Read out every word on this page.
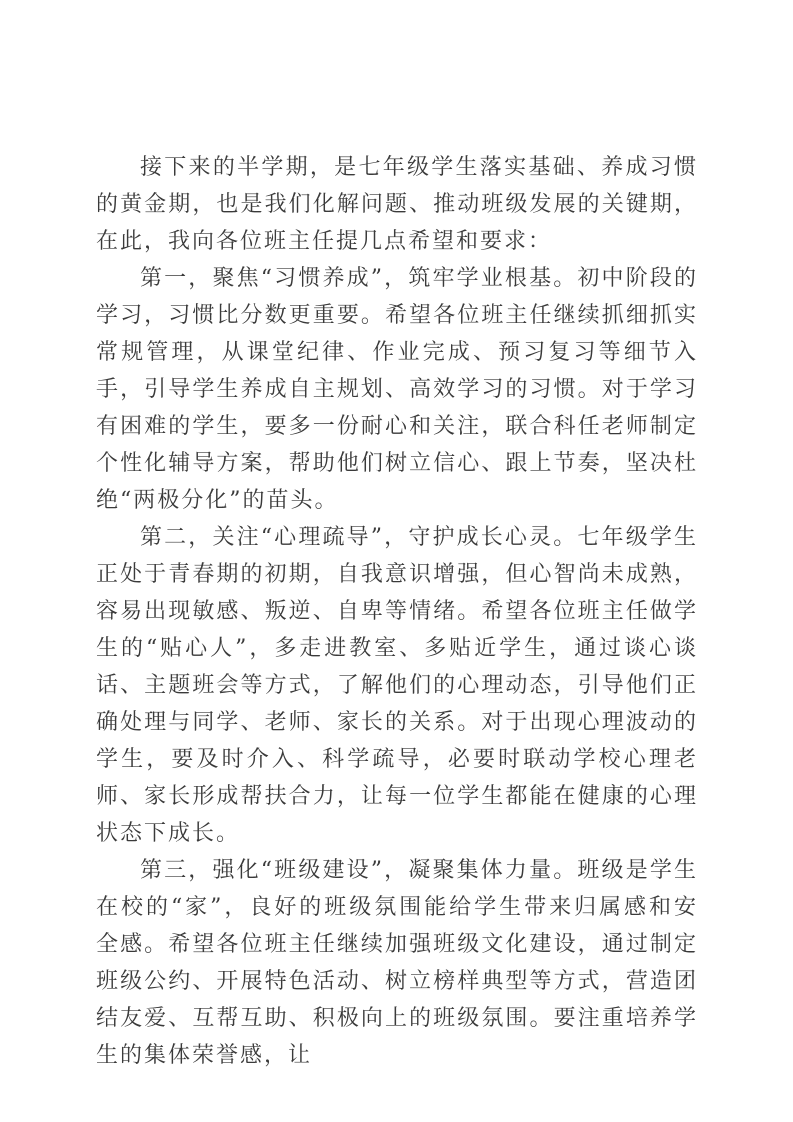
接下来的半学期，是七年级学生落实基础、养成习惯的黄金期，也是我们化解问题、推动班级发展的关键期，在此，我向各位班主任提几点希望和要求：

第一，聚焦“习惯养成”，筑牢学业根基。初中阶段的学习，习惯比分数更重要。希望各位班主任继续抓细抓实常规管理，从课堂纪律、作业完成、预习复习等细节入手，引导学生养成自主规划、高效学习的习惯。对于学习有困难的学生，要多一份耐心和关注，联合科任老师制定个性化辅导方案，帮助他们树立信心、跟上节奏，坚决杜绝“两极分化”的苗头。

第二，关注“心理疏导”，守护成长心灵。七年级学生正处于青春期的初期，自我意识增强，但心智尚未成熟，容易出现敏感、叛逆、自卑等情绪。希望各位班主任做学生的“贴心人”，多走进教室、多贴近学生，通过谈心谈话、主题班会等方式，了解他们的心理动态，引导他们正确处理与同学、老师、家长的关系。对于出现心理波动的学生，要及时介入、科学疏导，必要时联动学校心理老师、家长形成帮扶合力，让每一位学生都能在健康的心理状态下成长。

第三，强化“班级建设”，凝聚集体力量。班级是学生在校的“家”，良好的班级氛围能给学生带来归属感和安全感。希望各位班主任继续加强班级文化建设，通过制定班级公约、开展特色活动、树立榜样典型等方式，营造团结友爱、互帮互助、积极向上的班级氛围。要注重培养学生的集体荣誉感，让
